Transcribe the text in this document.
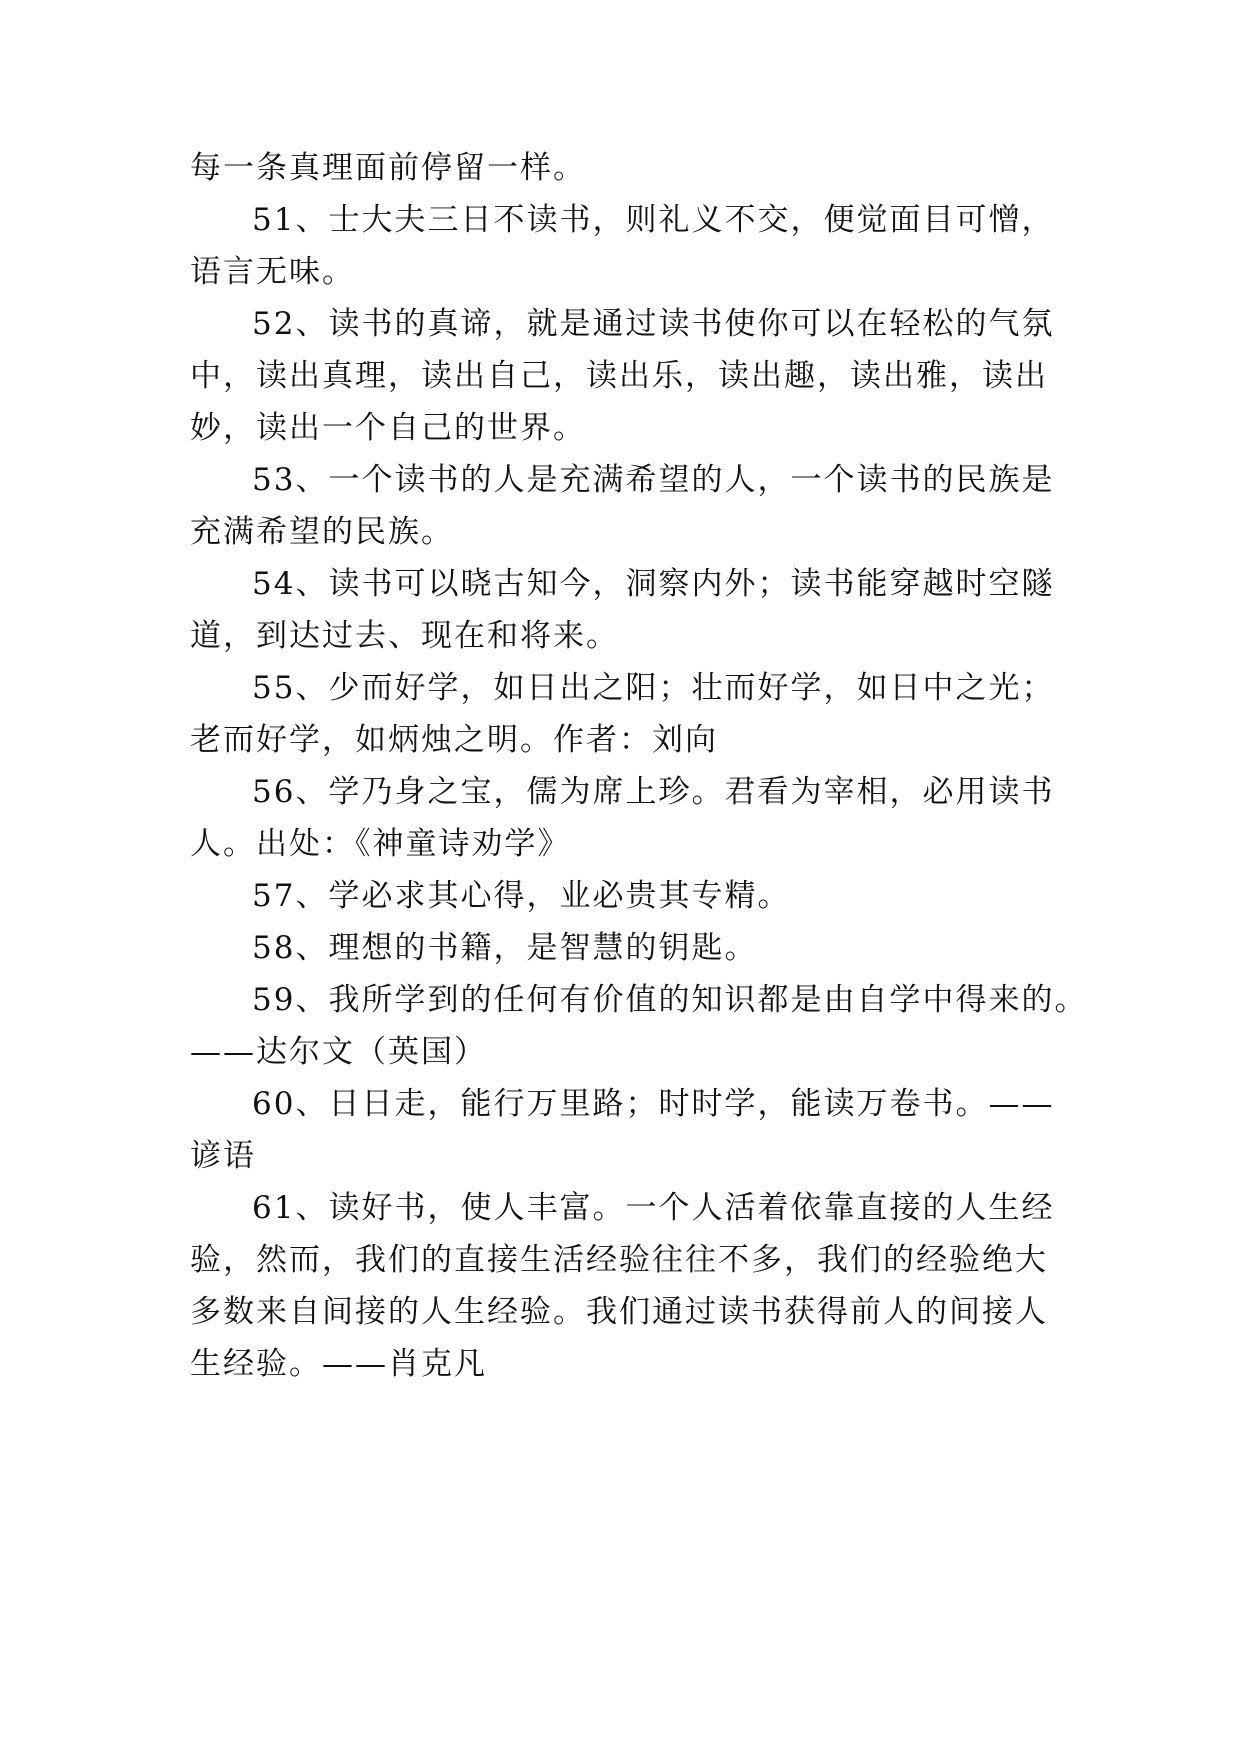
每一条真理面前停留一样。
51、士大夫三日不读书，则礼义不交，便觉面目可憎，
语言无味。
52、读书的真谛，就是通过读书使你可以在轻松的气氛
中，读出真理，读出自己，读出乐，读出趣，读出雅，读出
妙，读出一个自己的世界。
53、一个读书的人是充满希望的人，一个读书的民族是
充满希望的民族。
54、读书可以晓古知今，洞察内外；读书能穿越时空隧
道，到达过去、现在和将来。
55、少而好学，如日出之阳；壮而好学，如日中之光；
老而好学，如炳烛之明。作者：刘向
56、学乃身之宝，儒为席上珍。君看为宰相，必用读书
人。出处：《神童诗劝学》
57、学必求其心得，业必贵其专精。
58、理想的书籍，是智慧的钥匙。
59、我所学到的任何有价值的知识都是由自学中得来的。
——达尔文（英国）
60、日日走，能行万里路；时时学，能读万卷书。——
谚语
61、读好书，使人丰富。一个人活着依靠直接的人生经
验，然而，我们的直接生活经验往往不多，我们的经验绝大
多数来自间接的人生经验。我们通过读书获得前人的间接人
生经验。——肖克凡
